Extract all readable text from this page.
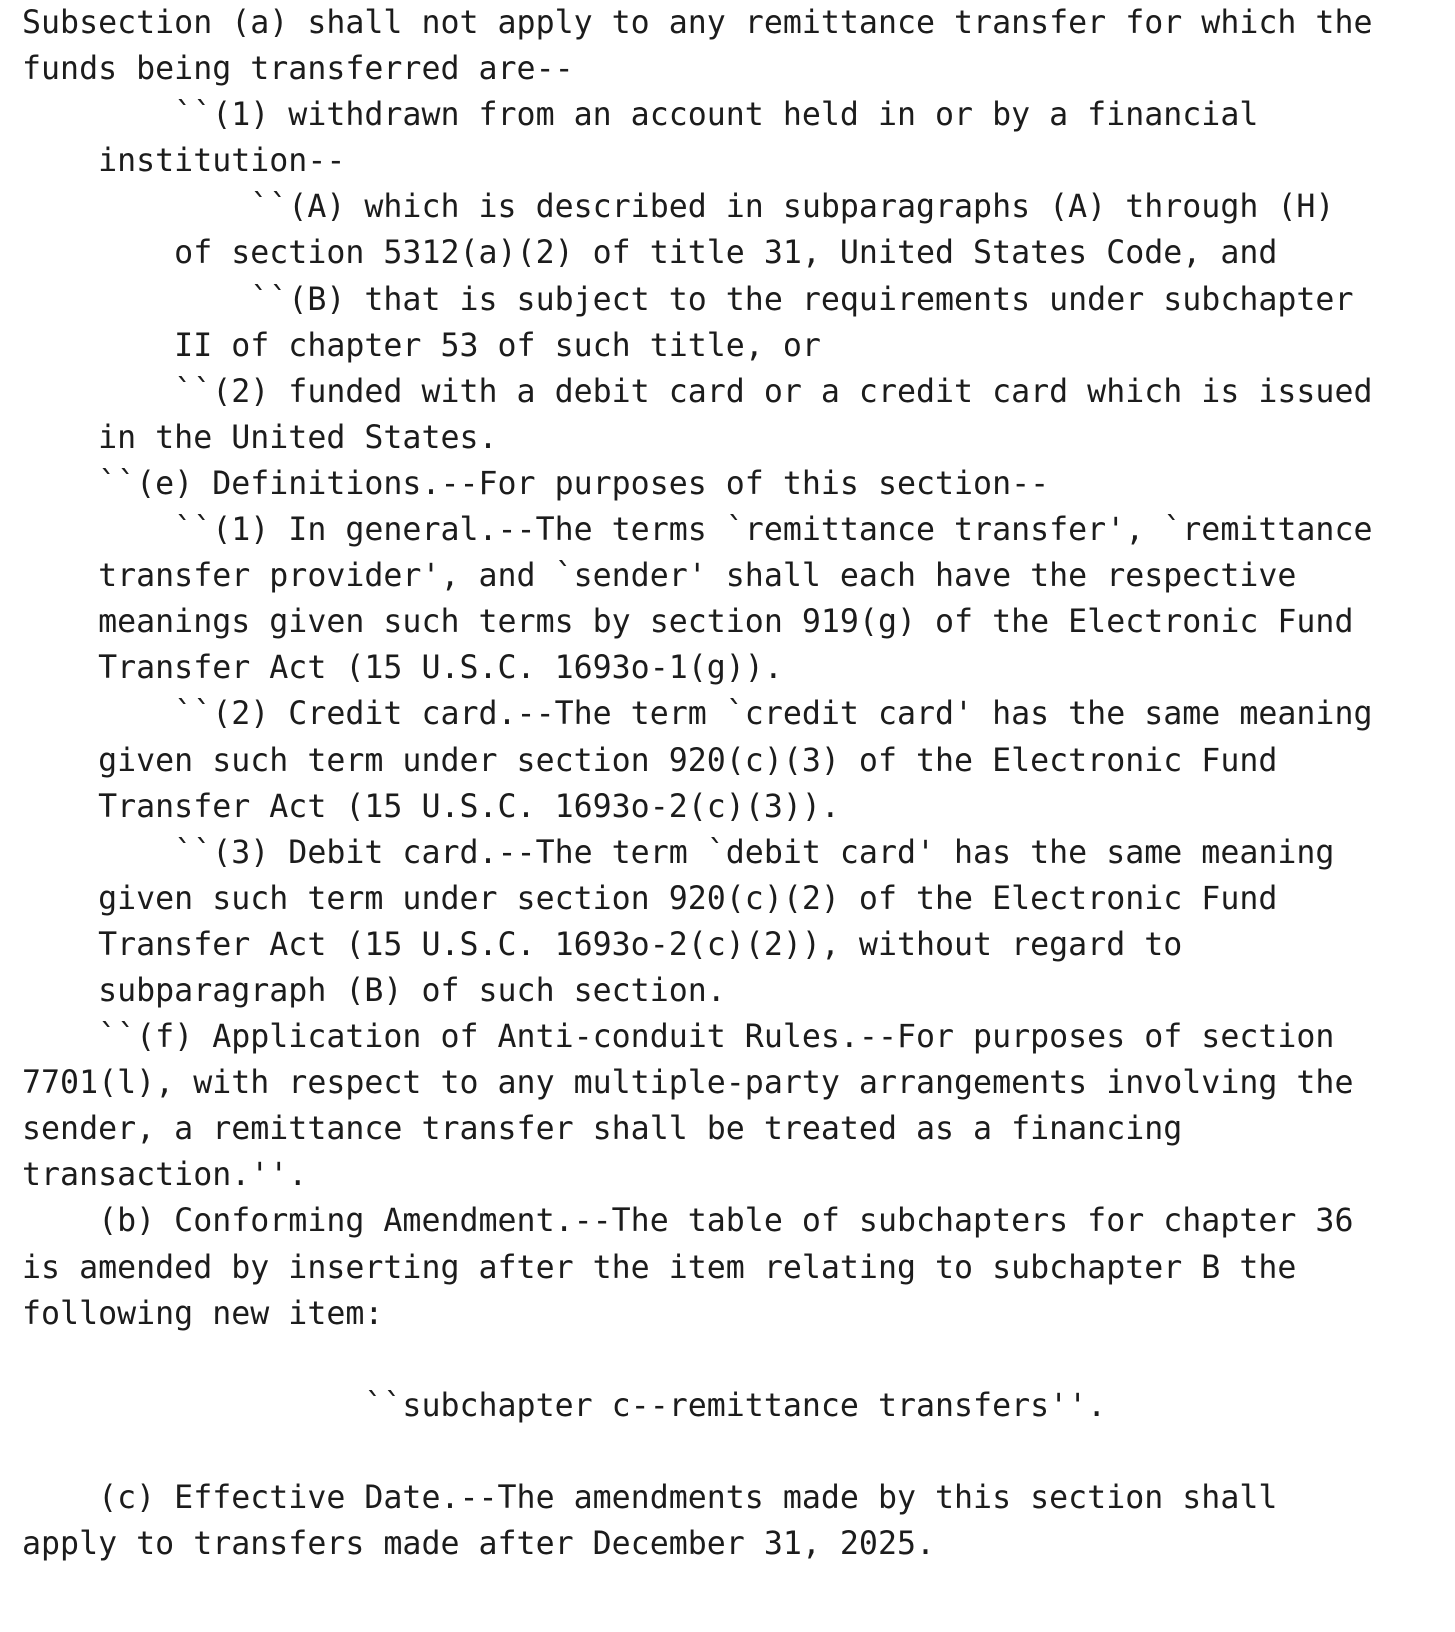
Subsection (a) shall not apply to any remittance transfer for which the
funds being transferred are--
``(1) withdrawn from an account held in or by a financial
institution--
``(A) which is described in subparagraphs (A) through (H)
of section 5312(a)(2) of title 31, United States Code, and
``(B) that is subject to the requirements under subchapter
II of chapter 53 of such title, or
``(2) funded with a debit card or a credit card which is issued
in the United States.
``(e) Definitions.--For purposes of this section--
``(1) In general.--The terms `remittance transfer', `remittance
transfer provider', and `sender' shall each have the respective
meanings given such terms by section 919(g) of the Electronic Fund
Transfer Act (15 U.S.C. 1693o-1(g)).
``(2) Credit card.--The term `credit card' has the same meaning
given such term under section 920(c)(3) of the Electronic Fund
Transfer Act (15 U.S.C. 1693o-2(c)(3)).
``(3) Debit card.--The term `debit card' has the same meaning
given such term under section 920(c)(2) of the Electronic Fund
Transfer Act (15 U.S.C. 1693o-2(c)(2)), without regard to
subparagraph (B) of such section.
``(f) Application of Anti-conduit Rules.--For purposes of section
7701(l), with respect to any multiple-party arrangements involving the
sender, a remittance transfer shall be treated as a financing
transaction.''.
(b) Conforming Amendment.--The table of subchapters for chapter 36
is amended by inserting after the item relating to subchapter B the
following new item:
``subchapter c--remittance transfers''.
(c) Effective Date.--The amendments made by this section shall
apply to transfers made after December 31, 2025.
